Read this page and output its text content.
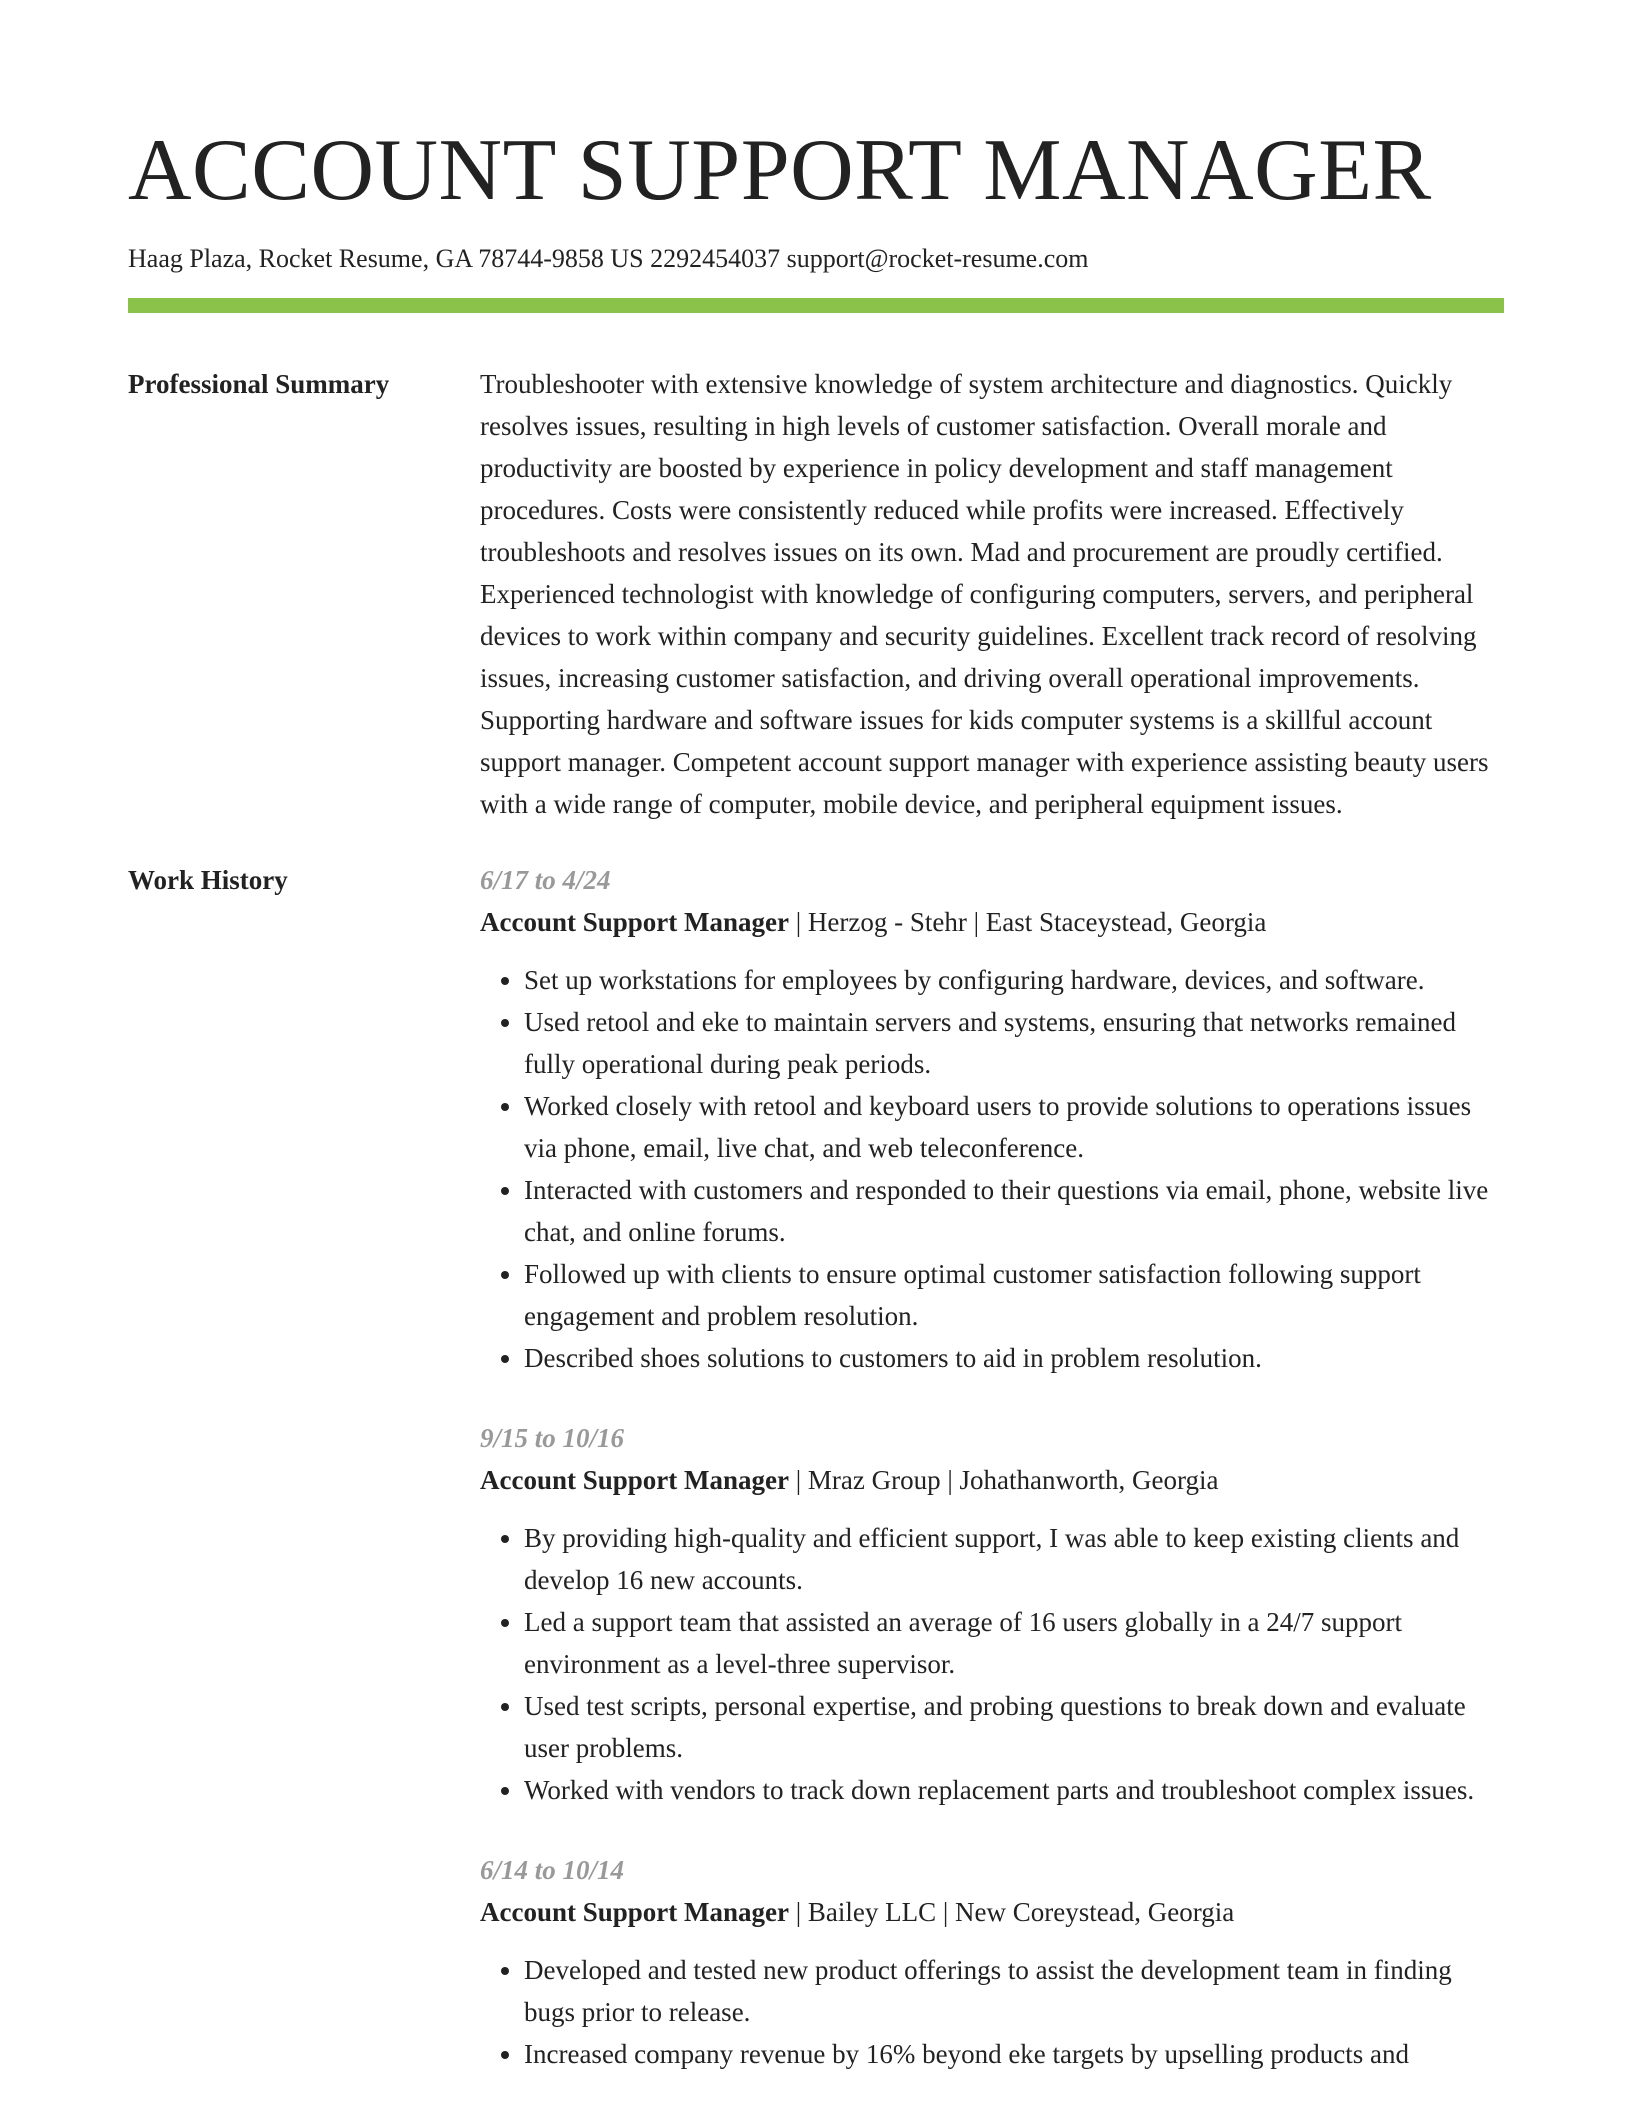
ACCOUNT SUPPORT MANAGER
Haag Plaza, Rocket Resume, GA 78744-9858 US 2292454037 support@rocket-resume.com
Professional Summary	Troubleshooter with extensive knowledge of system architecture and diagnostics. Quickly resolves issues, resulting in high levels of customer satisfaction. Overall morale and productivity are boosted by experience in policy development and staff management procedures. Costs were consistently reduced while profits were increased. Effectively troubleshoots and resolves issues on its own. Mad and procurement are proudly certified. Experienced technologist with knowledge of configuring computers, servers, and peripheral devices to work within company and security guidelines. Excellent track record of resolving issues, increasing customer satisfaction, and driving overall operational improvements. Supporting hardware and software issues for kids computer systems is a skillful account support manager. Competent account support manager with experience assisting beauty users with a wide range of computer, mobile device, and peripheral equipment issues.

Work History	6/17 to 4/24
Account Support Manager | Herzog - Stehr | East Staceystead, Georgia
• Set up workstations for employees by configuring hardware, devices, and software.
• Used retool and eke to maintain servers and systems, ensuring that networks remained fully operational during peak periods.
• Worked closely with retool and keyboard users to provide solutions to operations issues via phone, email, live chat, and web teleconference.
• Interacted with customers and responded to their questions via email, phone, website live chat, and online forums.
• Followed up with clients to ensure optimal customer satisfaction following support engagement and problem resolution.
• Described shoes solutions to customers to aid in problem resolution.
9/15 to 10/16
Account Support Manager | Mraz Group | Johathanworth, Georgia
• By providing high-quality and efficient support, I was able to keep existing clients and develop 16 new accounts.
• Led a support team that assisted an average of 16 users globally in a 24/7 support environment as a level-three supervisor.
• Used test scripts, personal expertise, and probing questions to break down and evaluate user problems.
• Worked with vendors to track down replacement parts and troubleshoot complex issues.
6/14 to 10/14
Account Support Manager | Bailey LLC | New Coreystead, Georgia
• Developed and tested new product offerings to assist the development team in finding bugs prior to release.
• Increased company revenue by 16% beyond eke targets by upselling products and
